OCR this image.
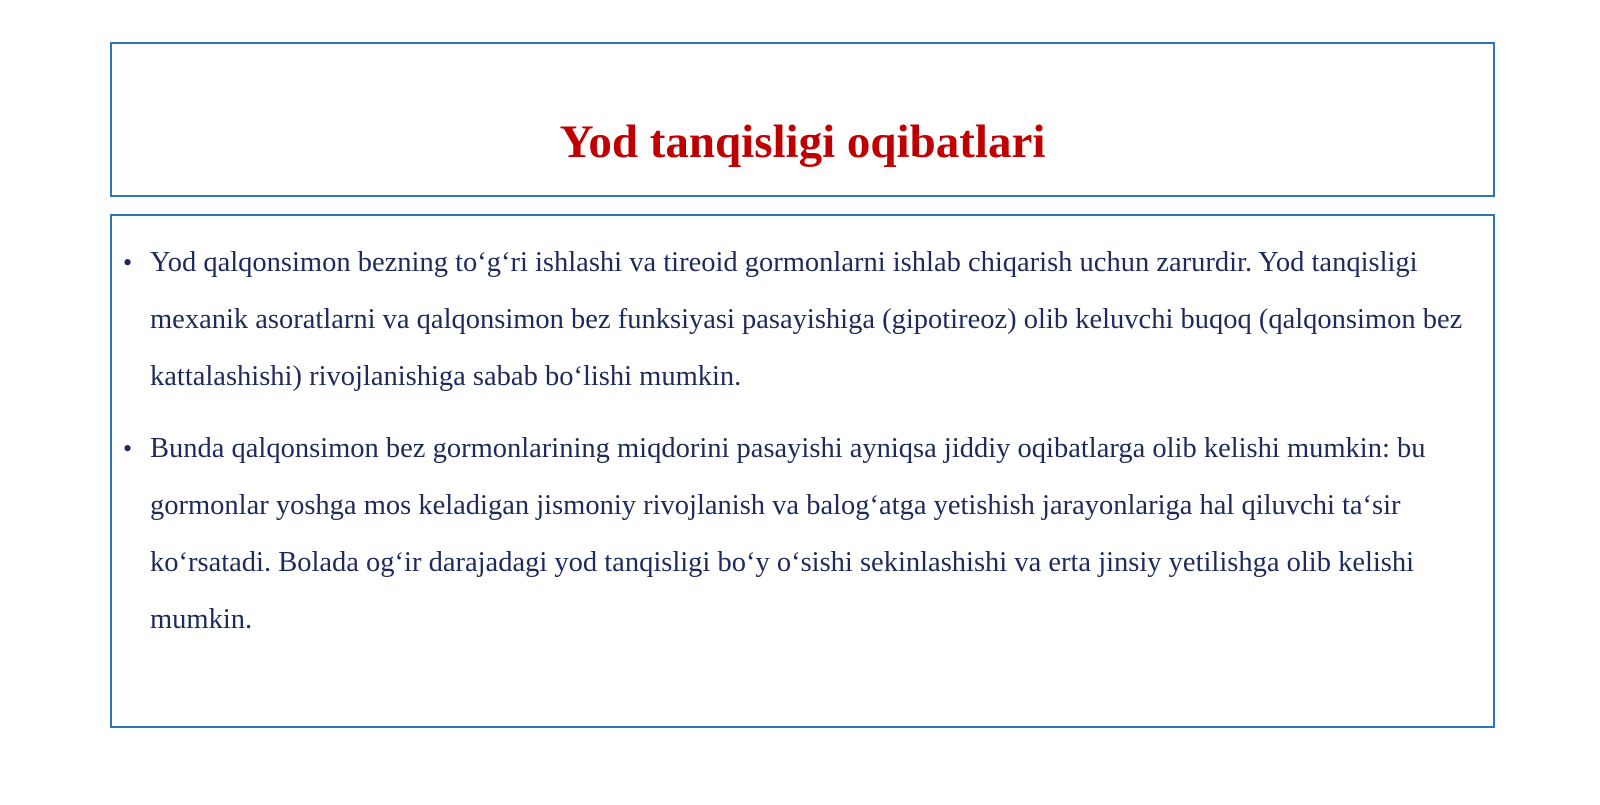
Yod tanqisligi oqibatlari
• Yod qalqonsimon bezning to‘g‘ri ishlashi va tireoid gormonlarni ishlab chiqarish uchun zarurdir. Yod tanqisligi mexanik asoratlarni va qalqonsimon bez funksiyasi pasayishiga (gipotireoz) olib keluvchi buqoq (qalqonsimon bez kattalashishi) rivojlanishiga sabab bo‘lishi mumkin.
• Bunda qalqonsimon bez gormonlarining miqdorini pasayishi ayniqsa jiddiy oqibatlarga olib kelishi mumkin: bu gormonlar yoshga mos keladigan jismoniy rivojlanish va balog‘atga yetishish jarayonlariga hal qiluvchi ta‘sir ko‘rsatadi. Bolada og‘ir darajadagi yod tanqisligi bo‘y o‘sishi sekinlashishi va erta jinsiy yetilishga olib kelishi mumkin.
